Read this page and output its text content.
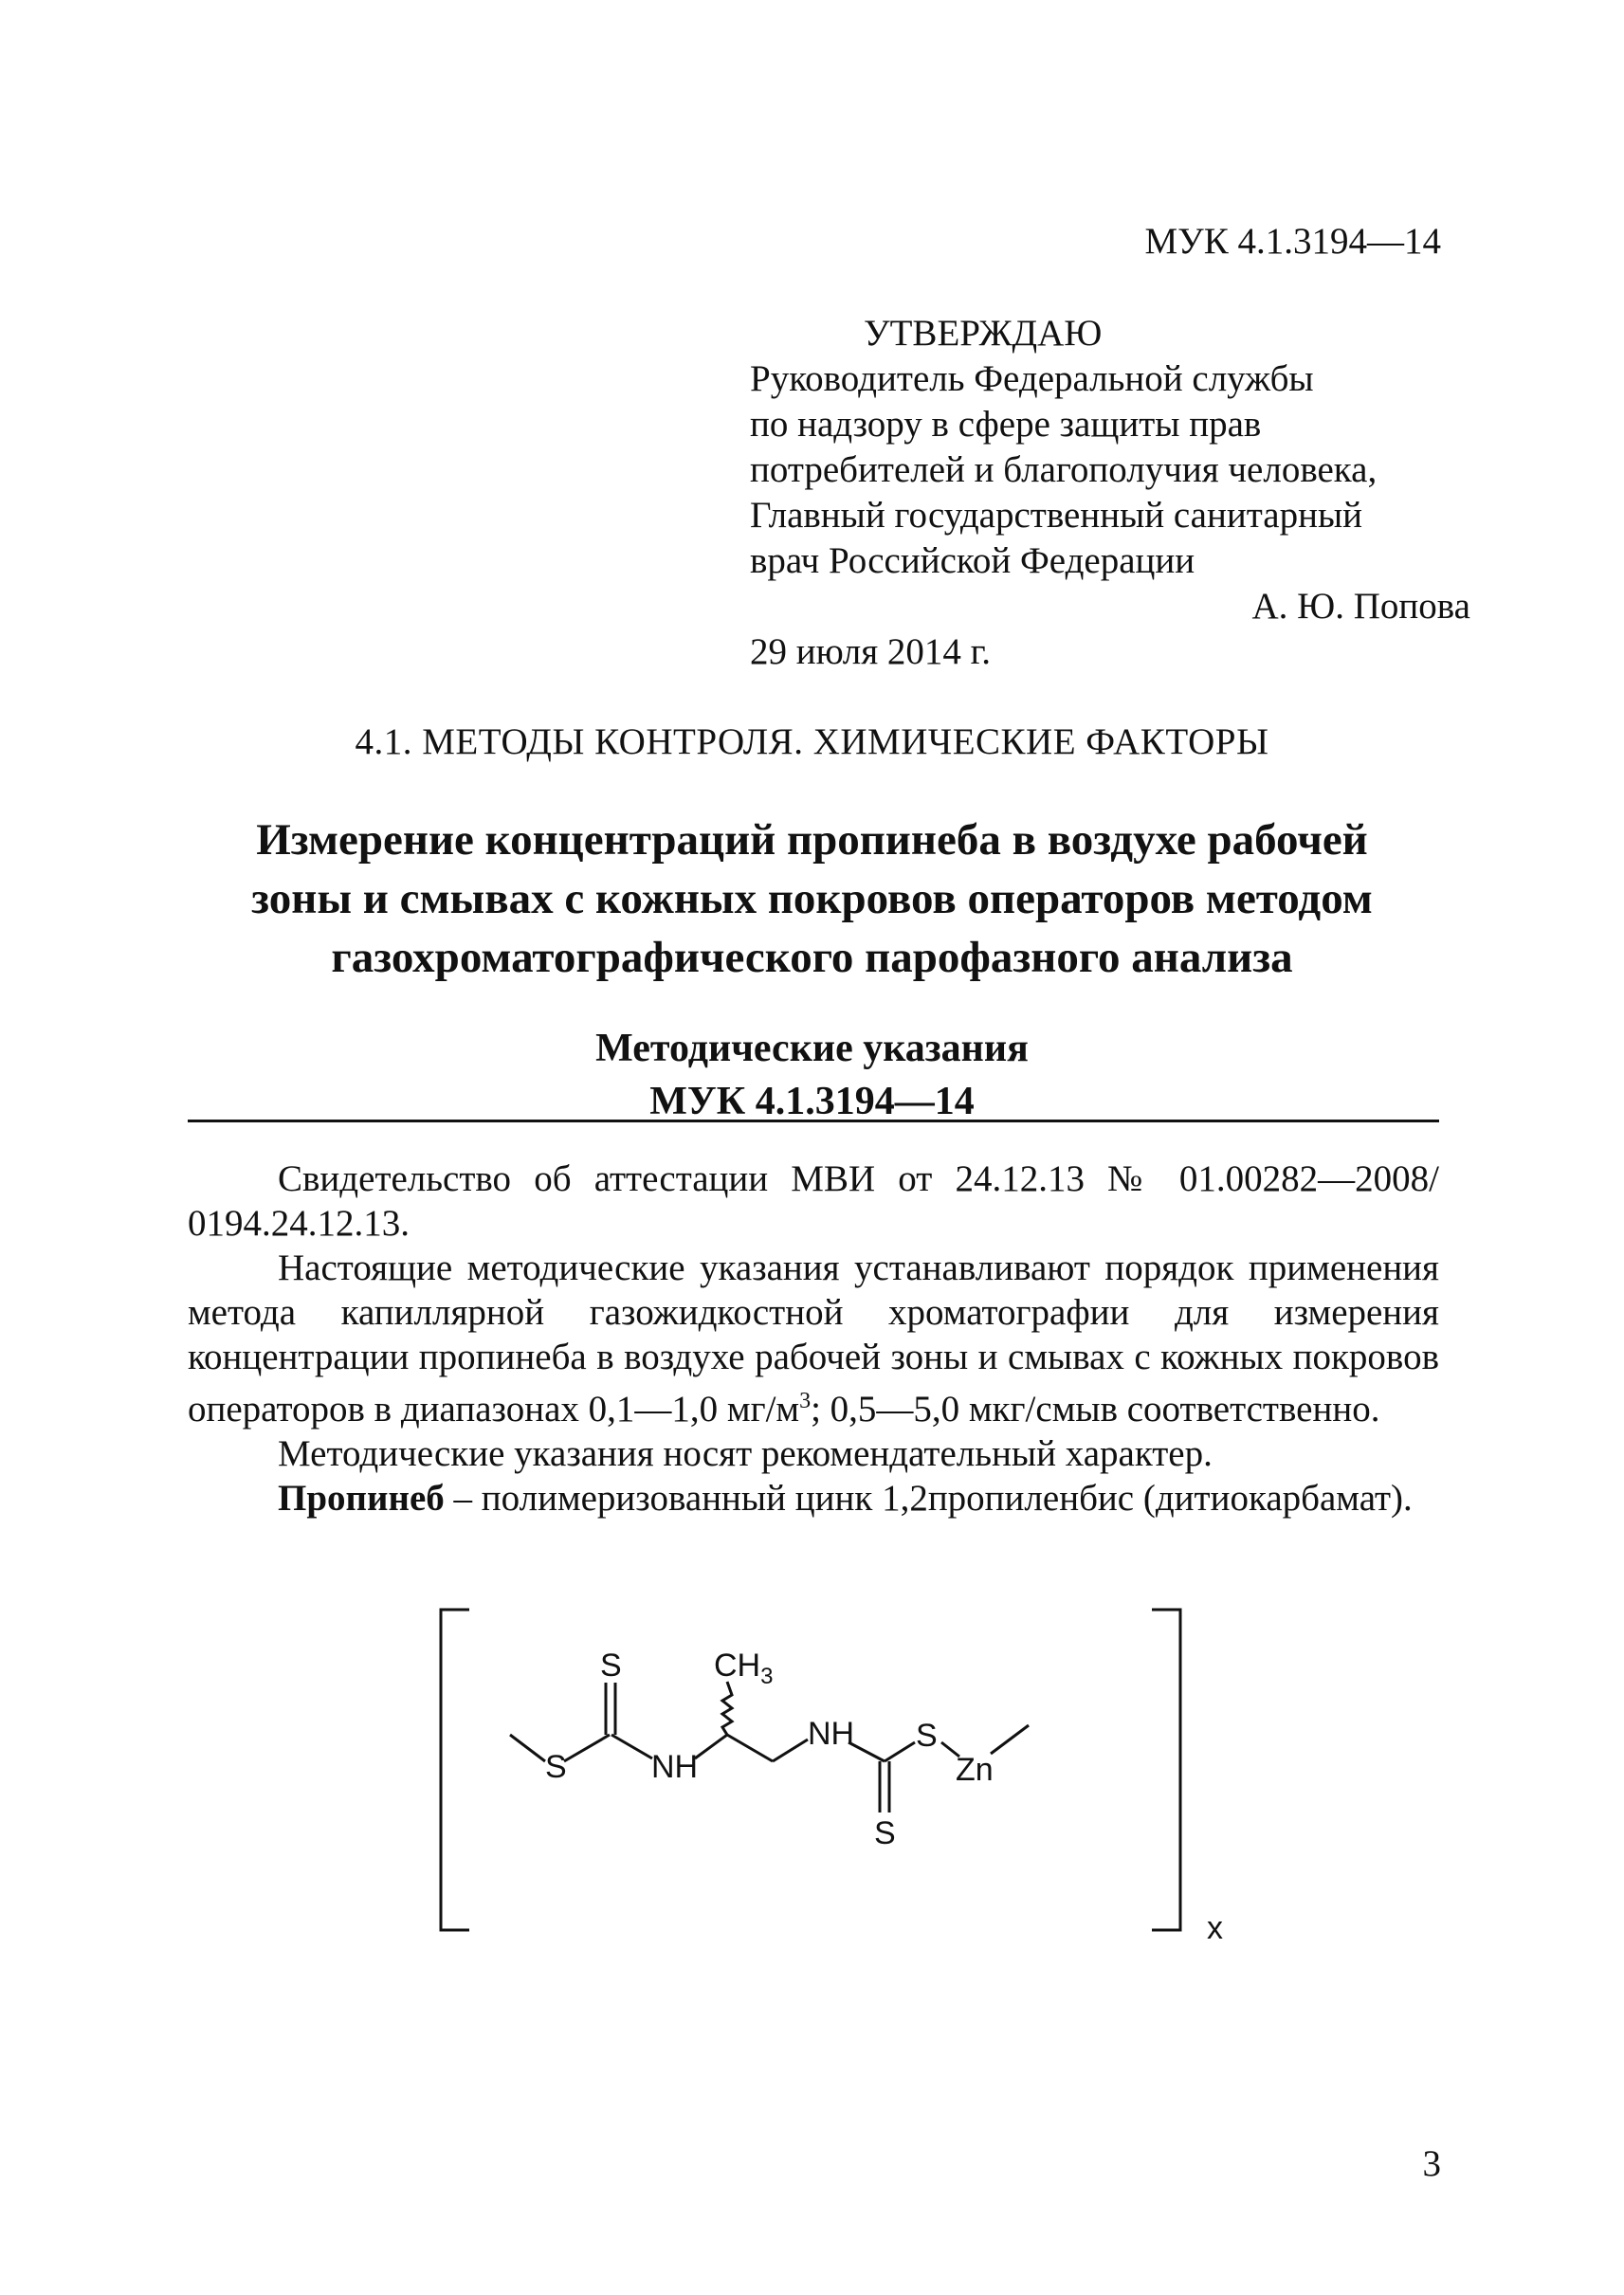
МУК 4.1.3194—14
УТВЕРЖДАЮ
Руководитель Федеральной службы
по надзору в сфере защиты прав
потребителей и благополучия человека,
Главный государственный санитарный
врач Российской Федерации
А. Ю. Попова
29 июля 2014 г.
4.1. МЕТОДЫ КОНТРОЛЯ. ХИМИЧЕСКИЕ ФАКТОРЫ
Измерение концентраций пропинеба в воздухе рабочей
зоны и смывах с кожных покровов операторов методом
газохроматографического парофазного анализа
Методические указания
МУК 4.1.3194—14

Свидетельство об аттестации МВИ от 24.12.13 № 01.00282—2008/ 0194.24.12.13.

Настоящие методические указания устанавливают порядок применения метода капиллярной газожидкостной хроматографии для измерения концентрации пропинеба в воздухе рабочей зоны и смывах с кожных покровов операторов в диапазонах 0,1—1,0 $мг/м^3$; 0,5—5,0 мкг/смыв соответственно.

Методические указания носят рекомендательный характер.

Пропинеб – полимеризованный цинк 1,2пропиленбис (дитиокарбамат).

S	$CH_3$
S	NH
NH S
Zn
S
x
3
